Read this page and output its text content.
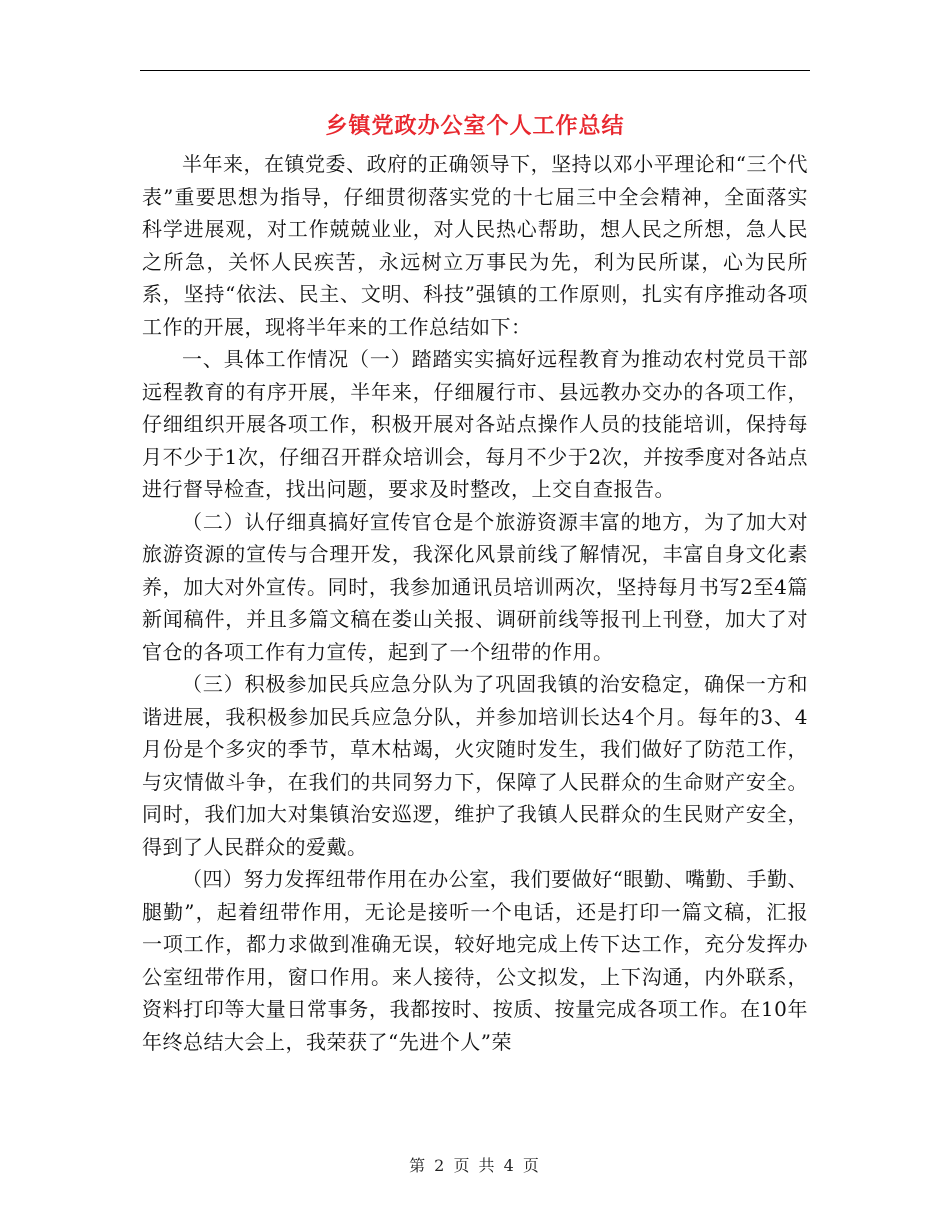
乡镇党政办公室个人工作总结

半年来，在镇党委、政府的正确领导下，坚持以邓小平理论和“三个代表”重要思想为指导，仔细贯彻落实党的十七届三中全会精神，全面落实科学进展观，对工作兢兢业业，对人民热心帮助，想人民之所想，急人民之所急，关怀人民疾苦，永远树立万事民为先，利为民所谋，心为民所系，坚持“依法、民主、文明、科技”强镇的工作原则，扎实有序推动各项工作的开展，现将半年来的工作总结如下：

一、具体工作情况（一）踏踏实实搞好远程教育为推动农村党员干部远程教育的有序开展，半年来，仔细履行市、县远教办交办的各项工作，仔细组织开展各项工作，积极开展对各站点操作人员的技能培训，保持每月不少于1次，仔细召开群众培训会，每月不少于2次，并按季度对各站点进行督导检查，找出问题，要求及时整改，上交自查报告。

（二）认仔细真搞好宣传官仓是个旅游资源丰富的地方，为了加大对旅游资源的宣传与合理开发，我深化风景前线了解情况，丰富自身文化素养，加大对外宣传。同时，我参加通讯员培训两次，坚持每月书写2至4篇新闻稿件，并且多篇文稿在娄山关报、调研前线等报刊上刊登，加大了对官仓的各项工作有力宣传，起到了一个纽带的作用。

（三）积极参加民兵应急分队为了巩固我镇的治安稳定，确保一方和谐进展，我积极参加民兵应急分队，并参加培训长达4个月。每年的3、4月份是个多灾的季节，草木枯竭，火灾随时发生，我们做好了防范工作，与灾情做斗争，在我们的共同努力下，保障了人民群众的生命财产安全。同时，我们加大对集镇治安巡逻，维护了我镇人民群众的生民财产安全，得到了人民群众的爱戴。

（四）努力发挥纽带作用在办公室，我们要做好“眼勤、嘴勤、手勤、腿勤”，起着纽带作用，无论是接听一个电话，还是打印一篇文稿，汇报一项工作，都力求做到准确无误，较好地完成上传下达工作，充分发挥办公室纽带作用，窗口作用。来人接待，公文拟发，上下沟通，内外联系，资料打印等大量日常事务，我都按时、按质、按量完成各项工作。在10年年终总结大会上，我荣获了“先进个人”荣

第 2 页 共 4 页
